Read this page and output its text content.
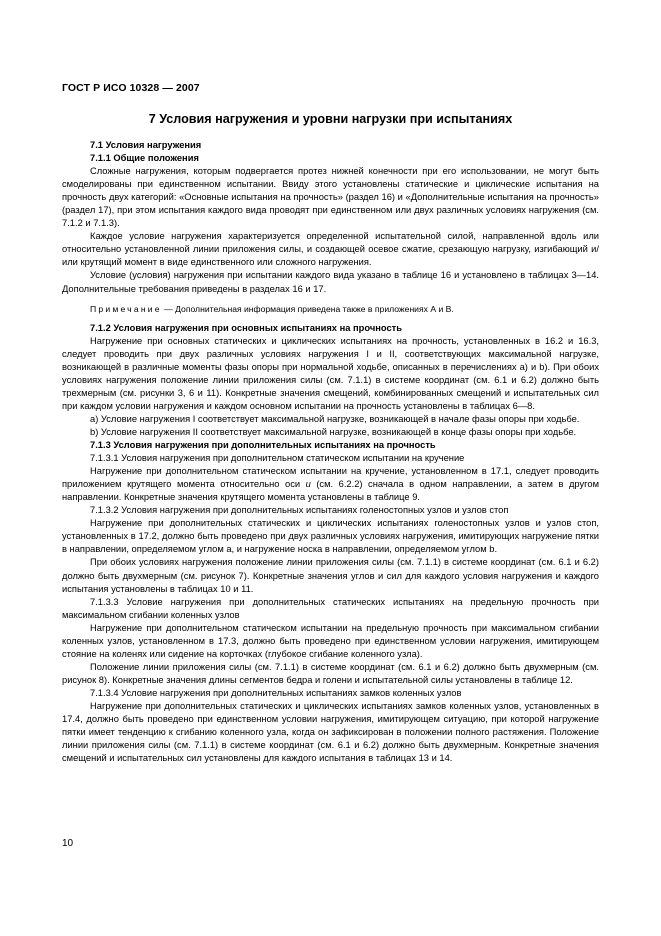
ГОСТ Р ИСО 10328 — 2007
7 Условия нагружения и уровни нагрузки при испытаниях

7.1 Условия нагружения

7.1.1 Общие положения

Сложные нагружения, которым подвергается протез нижней конечности при его использовании, не могут быть смоделированы при единственном испытании. Ввиду этого установлены статические и циклические испытания на прочность двух категорий: «Основные испытания на прочность» (раздел 16) и «Дополнительные испытания на прочность» (раздел 17), при этом испытания каждого вида проводят при единственном или двух различных условиях нагружения (см. 7.1.2 и 7.1.3).

Каждое условие нагружения характеризуется определенной испытательной силой, направленной вдоль или относительно установленной линии приложения силы, и создающей осевое сжатие, срезающую нагрузку, изгибающий и/или крутящий момент в виде единственного или сложного нагружения.

Условие (условия) нагружения при испытании каждого вида указано в таблице 16 и установлено в таблицах 3—14. Дополнительные требования приведены в разделах 16 и 17.

Примечание — Дополнительная информация приведена также в приложениях А и В.

7.1.2 Условия нагружения при основных испытаниях на прочность

Нагружение при основных статических и циклических испытаниях на прочность, установленных в 16.2 и 16.3, следует проводить при двух различных условиях нагружения I и II, соответствующих максимальной нагрузке, возникающей в различные моменты фазы опоры при нормальной ходьбе, описанных в перечислениях а) и b). При обоих условиях нагружения положение линии приложения силы (см. 7.1.1) в системе координат (см. 6.1 и 6.2) должно быть трехмерным (см. рисунки 3, 6 и 11). Конкретные значения смещений, комбинированных смещений и испытательных сил при каждом условии нагружения и каждом основном испытании на прочность установлены в таблицах 6—8.

а) Условие нагружения I соответствует максимальной нагрузке, возникающей в начале фазы опоры при ходьбе.

b) Условие нагружения II соответствует максимальной нагрузке, возникающей в конце фазы опоры при ходьбе.

7.1.3 Условия нагружения при дополнительных испытаниях на прочность

7.1.3.1 Условия нагружения при дополнительном статическом испытании на кручение

Нагружение при дополнительном статическом испытании на кручение, установленном в 17.1, следует проводить приложением крутящего момента относительно оси u (см. 6.2.2) сначала в одном направлении, а затем в другом направлении. Конкретные значения крутящего момента установлены в таблице 9.

7.1.3.2 Условия нагружения при дополнительных испытаниях голеностопных узлов и узлов стоп

Нагружение при дополнительных статических и циклических испытаниях голеностопных узлов и узлов стоп, установленных в 17.2, должно быть проведено при двух различных условиях нагружения, имитирующих нагружение пятки в направлении, определяемом углом a, и нагружение носка в направлении, определяемом углом b.

При обоих условиях нагружения положение линии приложения силы (см. 7.1.1) в системе координат (см. 6.1 и 6.2) должно быть двухмерным (см. рисунок 7). Конкретные значения углов и сил для каждого условия нагружения и каждого испытания установлены в таблицах 10 и 11.

7.1.3.3 Условие нагружения при дополнительных статических испытаниях на предельную прочность при максимальном сгибании коленных узлов

Нагружение при дополнительном статическом испытании на предельную прочность при максимальном сгибании коленных узлов, установленном в 17.3, должно быть проведено при единственном условии нагружения, имитирующем стояние на коленях или сидение на корточках (глубокое сгибание коленного узла).

Положение линии приложения силы (см. 7.1.1) в системе координат (см. 6.1 и 6.2) должно быть двухмерным (см. рисунок 8). Конкретные значения длины сегментов бедра и голени и испытательной силы установлены в таблице 12.

7.1.3.4 Условие нагружения при дополнительных испытаниях замков коленных узлов

Нагружение при дополнительных статических и циклических испытаниях замков коленных узлов, установленных в 17.4, должно быть проведено при единственном условии нагружения, имитирующем ситуацию, при которой нагружение пятки имеет тенденцию к сгибанию коленного узла, когда он зафиксирован в положении полного растяжения. Положение линии приложения силы (см. 7.1.1) в системе координат (см. 6.1 и 6.2) должно быть двухмерным. Конкретные значения смещений и испытательных сил установлены для каждого испытания в таблицах 13 и 14.

10
